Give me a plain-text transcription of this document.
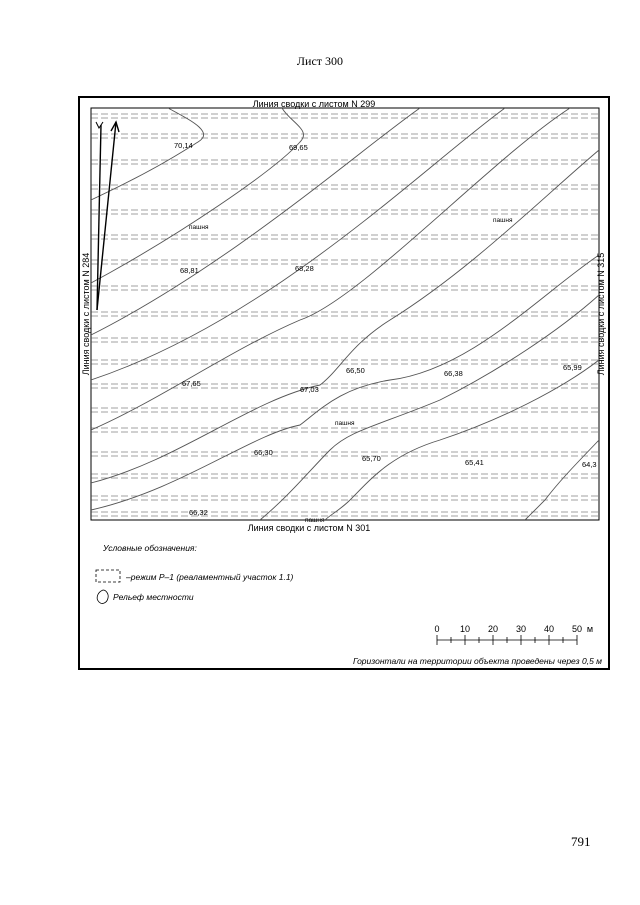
Лист 300
Линия сводки с листом N 299
Линия сводки с листом N 301
Линия сводки с листом N 284	Линия сводки с листом N 315
пашня
пашня
пашня
пашня
70,14	69,65
68,81	68,28
67,65
67,03
66,50	66,38
65,99
66,30
65,70	65,41	64,3
66,32
Условные обозначения:
–режим Р–1 (реаламентный участок 1.1)
Рельеф местности
0 10 20 30 40 50 м
Горизонтали на территории объекта проведены через 0,5 м
791
